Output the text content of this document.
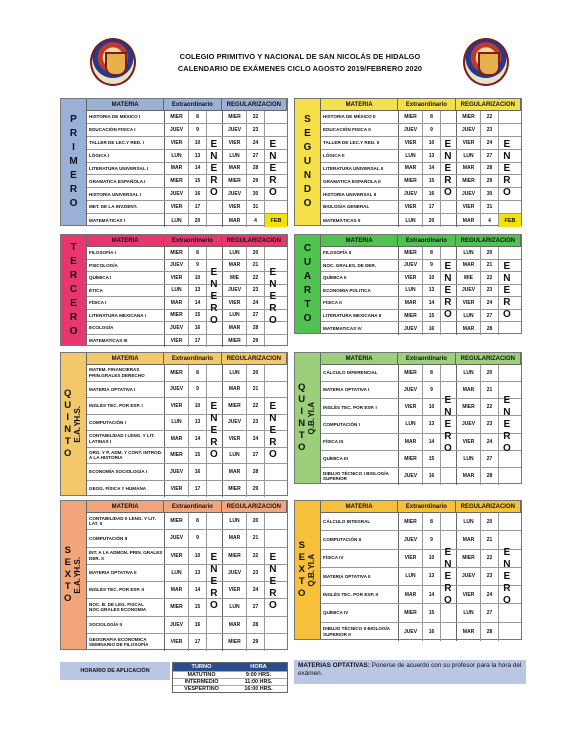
COLEGIO PRIMITIVO Y NACIONAL DE SAN NICOLÁS DE HIDALGO
CALENDARIO DE EXÁMENES CICLO AGOSTO 2019/FEBRERO 2020
P
R
I
M
E
R
O
MATERIA	Extraordinario	REGULARIZACION
HISTORIA DE MÉXICO I	MIER	8	MIER	22
EDUCACIÓN FISICA I	JUEV	9	JUEV	23
TALLER DE LEC.Y RED. I	VIER	10	VIER	24
LÓGICA I	LUN	13	LUN	27
LITERATURA UNIVERSAL I	MAR	14	MAR	28
GRAMATICA ESPAÑOLA I	MIER	15	MIER	29
HISTORIA UNIVERSAL I	JUEV	16	JUEV	30
MET. DE LA INVZIENT.	VIER	17	VIER	31
MATEMÁTICAS I	LUN	20	MAR	4	FEB
E
N
E
R
O
E
N
E
R
O
S
E
G
U
N
D
O
MATERIA	Extraordinario	REGULARIZACION
HISTORIA DE MÉXICO II	MIER	8	MIER	22
EDUCACIÓN FISICA II	JUEV	9	JUEV	23
TALLER DE LEC.Y RED. II	VIER	10	VIER	24
LÓGICA II	LUN	13	LUN	27
LITERATURA UNIVERSAL II	MAR	14	MAR	28
GRAMATICA ESPAÑOLA II	MIER	15	MIER	29
HISTORIA UNIVERSAL II	JUEV	16	JUEV	30
BIOLOGÍA GENERAL	VIER	17	VIER	31
MATEMÁTICAS II	LUN	20	MAR	4	FEB
E
N
E
R
O
E
N
E
R
O
T
E
R
C
E
R
O
MATERIA	Extraordinario	REGULARIZACION
FILOSOFÍA I	MIER	8	LUN	20
PSICOLOGÍA	JUEV	9	MAR	21
QUÍMICA I	VIER	10	MIE	22
ÉTICA	LUN	13	JUEV	23
FÍSICA I	MAR	14	VIER	24
LITERATURA MEXICANA I	MIER	15	LUN	27
ECOLOGÍA	JUEV	16	MAR	28
MATEMATICAS III	VIER	17	MIER	29
E
N
E
R
O
E
N
E
R
O
C
U
A
R
T
O
MATERIA	Extraordinario	REGULARIZACION
FILOSOFÍA II	MIER	8	LUN	20
NOC. GRALES. DE DER.	JUEV	9	MAR	21
QUÍMICA II	VIER	10	MIE	22
ECONOMIA POLITICA	LUN	13	JUEV	23
FÍSICA II	MAR	14	VIER	24
LITERATURA MEXICANA II	MIER	15	LUN	27
MATEMATICAS IV	JUEV	16	MAR	28
E
N
E
R
O
E
N
E
R
O
Q
U
I
N
T
O
H.S.
Y
E.A.
MATERIA	Extraordinario	REGULARIZACION
MATEM. FINANCIERAS PRIN.GRALES DERECHO	MIER	8	LUN	20
MATERIA OPTATIVA I	JUEV	9	MAR	21
INGLÉS TEC. POR ESP. I	VIER	10	MIER	22
COMPUTACIÓN I	LUN	13	JUEV	23
CONTABILIDAD I LENG. Y LIT. LATINAS I	MAR	14	VIER	24
ORG. Y P. ADM. Y CONT. INTROD. A LA HISTORIA	MIER	15	LUN	27
ECONOMÍA SOCIOLOGÍA I	JUEV	16	MAR	28
GEOG. FÍSICA Y HUMANA	VIER	17	MIER	29
E
N
E
R
O
E
N
E
R
O
Q
U
I
N
T
O
I.A
Y
Q.B.
MATERIA	Extraordinario	REGULARIZACION
CÁLCULO DIFERENCIAL	MIER	8	LUN	20
MATERIA OPTATIVA I	JUEV	9	MAR	21
INGLÉS TEC. POR ESP. I	VIER	10	MIER	22
COMPUTACIÓN I	LUN	13	JUEV	23
FÍSICA III	MAR	14	VIER	24
QUÍMICA III	MIER	15	LUN	27
DIBUJO TÉCNICO I BIOLOGÍA SUPERIOR	JUEV	16	MAR	28
E
N
E
R
O
E
N
E
R
O
S
E
X
T
O
H.S.
Y
E.A.
MATERIA	Extraordinario	REGULARIZACION
CONTABILIDAD II LENG. Y LIT. LAT. II	MIER	8	LUN	20
COMPUTACIÓN II	JUEV	9	MAR	21
INT. A LA ADMON. PRIN. GRALES DER. II	VIER	10	MIER	22
MATERIA OPTATIVA II	LUN	13	JUEV	23
INGLÉS TEC. POR ESP. II	MAR	14	VIER	24
NOC. B. DE LEG. FISCAL NOC.GRALES ECONOMIA	MIER	15	LUN	27
SOCIOLOGÍA II	JUEV	16	MAR	28
GEOGRAFIA ECONOMICA SEMINARIO DE FILOSOFÍA	VIER	17	MIER	29
E
N
E
R
O
E
N
E
R
O
S
E
X
T
O
I.A
Y
Q.B.
MATERIA	Extraordinario	REGULARIZACION
CÁLCULO INTEGRAL	MIER	8	LUN	20
COMPUTACIÓN II	JUEV	9	MAR	21
FÍSICA IV	VIER	10	MIER	22
MATERIA OPTATIVA II	LUN	13	JUEV	23
INGLÉS TEC. POR ESP. II	MAR	14	VIER	24
QUÍMICA IV	MIER	15	LUN	27
DIBUJO TÉCNICO II BIOLOGÍA SUPERIOR II	JUEV	16	MAR	28
E
N
E
R
O
E
N
E
R
O
HORARIO DE APLICACIÓN
TURNO	HORA
MATUTINO	9:00 HRS.
INTERMEDIO	11:00 HRS.
VESPERTINO	16:00 HRS.
MATERIAS OPTATIVAS: Ponerse de acuerdo con su profesor para la hora del exámen.
